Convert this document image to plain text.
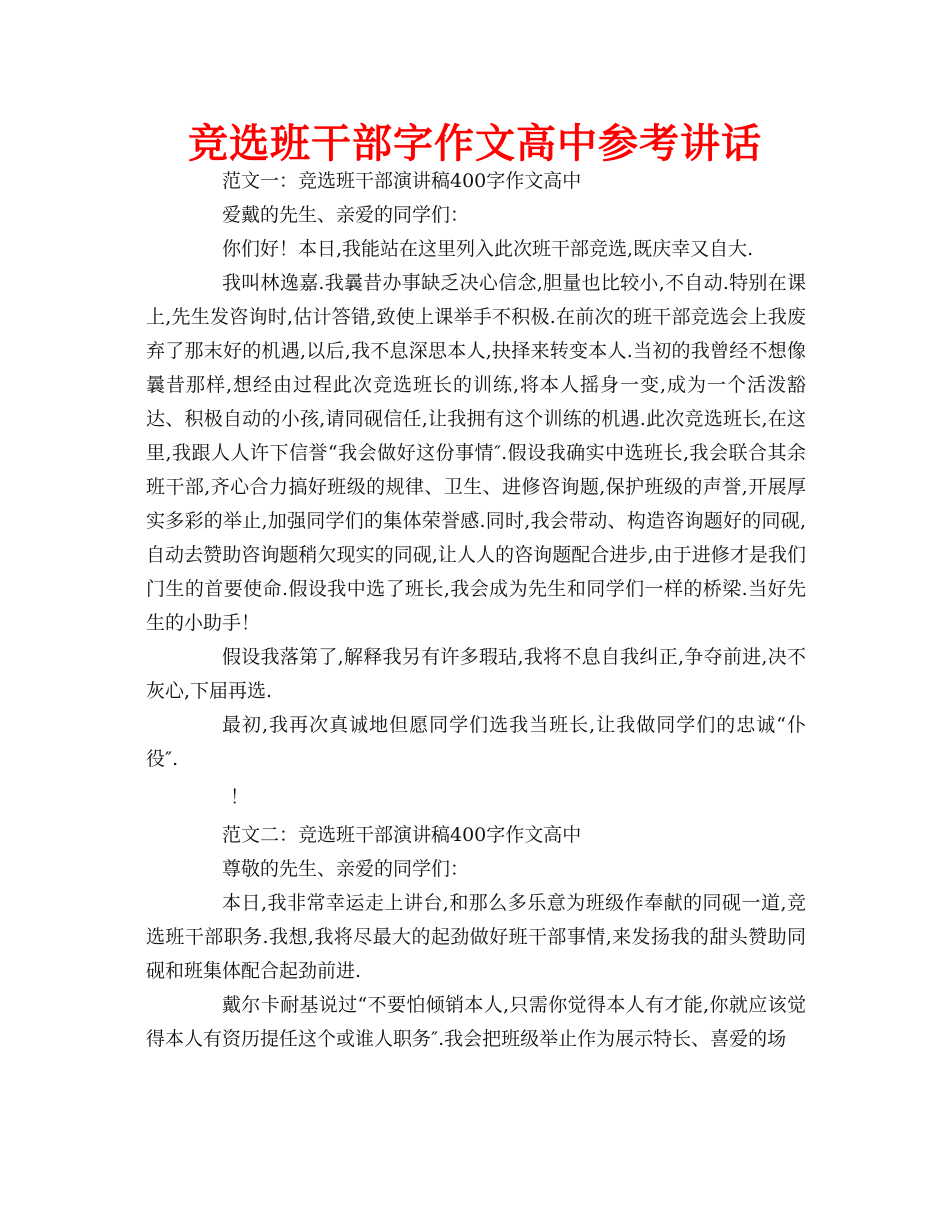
竞选班干部字作文高中参考讲话

范文一：竞选班干部演讲稿400字作文高中

爱戴的先生、亲爱的同学们：

你们好！本日,我能站在这里列入此次班干部竞选,既庆幸又自大.

我叫林逸嘉.我曩昔办事缺乏决心信念,胆量也比较小,不自动.特别在课上,先生发咨询时,估计答错,致使上课举手不积极.在前次的班干部竞选会上我废弃了那末好的机遇,以后,我不息深思本人,抉择来转变本人.当初的我曾经不想像曩昔那样,想经由过程此次竞选班长的训练,将本人摇身一变,成为一个活泼豁达、积极自动的小孩,请同砚信任,让我拥有这个训练的机遇.此次竞选班长,在这里,我跟人人许下信誉“我会做好这份事情″.假设我确实中选班长,我会联合其余班干部,齐心合力搞好班级的规律、卫生、进修咨询题,保护班级的声誉,开展厚实多彩的举止,加强同学们的集体荣誉感.同时,我会带动、构造咨询题好的同砚,自动去赞助咨询题稍欠现实的同砚,让人人的咨询题配合进步,由于进修才是我们门生的首要使命.假设我中选了班长,我会成为先生和同学们一样的桥梁.当好先生的小助手！

假设我落第了,解释我另有许多瑕玷,我将不息自我纠正,争夺前进,决不灰心,下届再选.

最初,我再次真诚地但愿同学们选我当班长,让我做同学们的忠诚“仆役″.

！

范文二：竞选班干部演讲稿400字作文高中

尊敬的先生、亲爱的同学们：

本日,我非常幸运走上讲台,和那么多乐意为班级作奉献的同砚一道,竞选班干部职务.我想,我将尽最大的起劲做好班干部事情,来发扬我的甜头赞助同砚和班集体配合起劲前进.

戴尔卡耐基说过“不要怕倾销本人,只需你觉得本人有才能,你就应该觉得本人有资历提任这个或谁人职务″.我会把班级举止作为展示特长、喜爱的场
